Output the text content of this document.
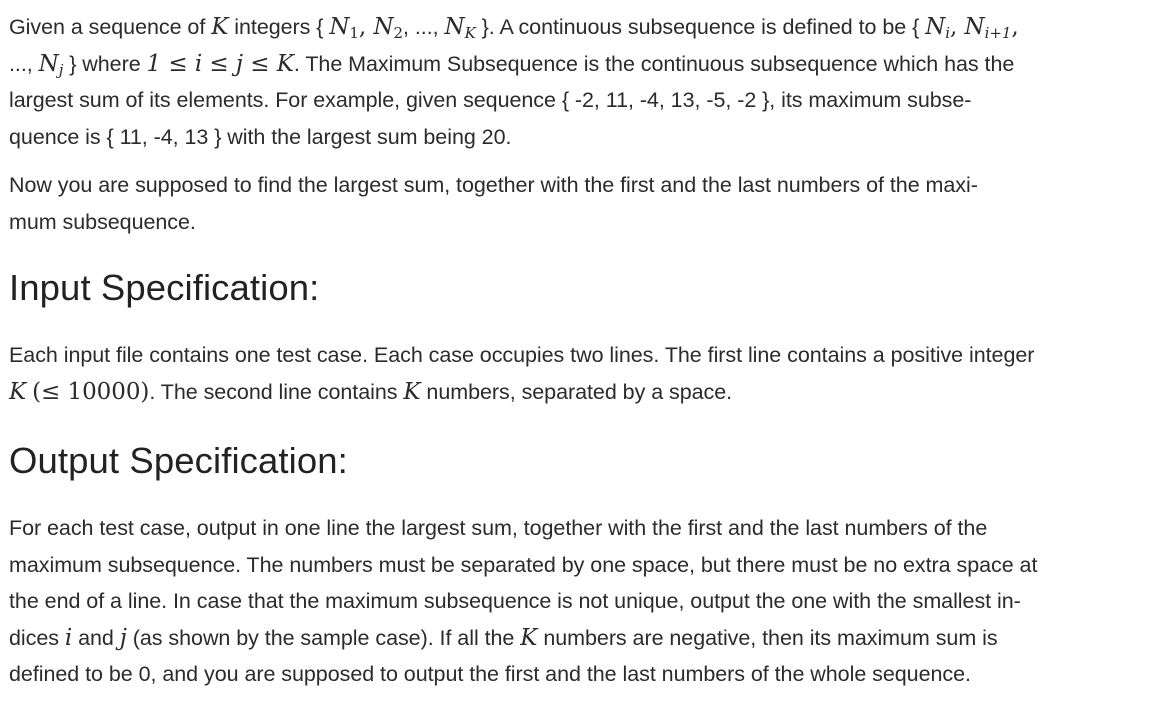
Given a sequence of K integers { $N_1$, $N_2$, ..., $N_K$ }. A continuous subsequence is defined to be { $N_i$, $N_{i+1}$,
..., $N_j$ } where 1 ≤ i ≤ j ≤ K. The Maximum Subsequence is the continuous subsequence which has the
largest sum of its elements. For example, given sequence { -2, 11, -4, 13, -5, -2 }, its maximum subse-
quence is { 11, -4, 13 } with the largest sum being 20.

Now you are supposed to find the largest sum, together with the first and the last numbers of the maxi-
mum subsequence.

Input Specification:

Each input file contains one test case. Each case occupies two lines. The first line contains a positive integer
K (≤ 10000). The second line contains K numbers, separated by a space.

Output Specification:

For each test case, output in one line the largest sum, together with the first and the last numbers of the
maximum subsequence. The numbers must be separated by one space, but there must be no extra space at
the end of a line. In case that the maximum subsequence is not unique, output the one with the smallest in-
dices i and j (as shown by the sample case). If all the K numbers are negative, then its maximum sum is
defined to be 0, and you are supposed to output the first and the last numbers of the whole sequence.
